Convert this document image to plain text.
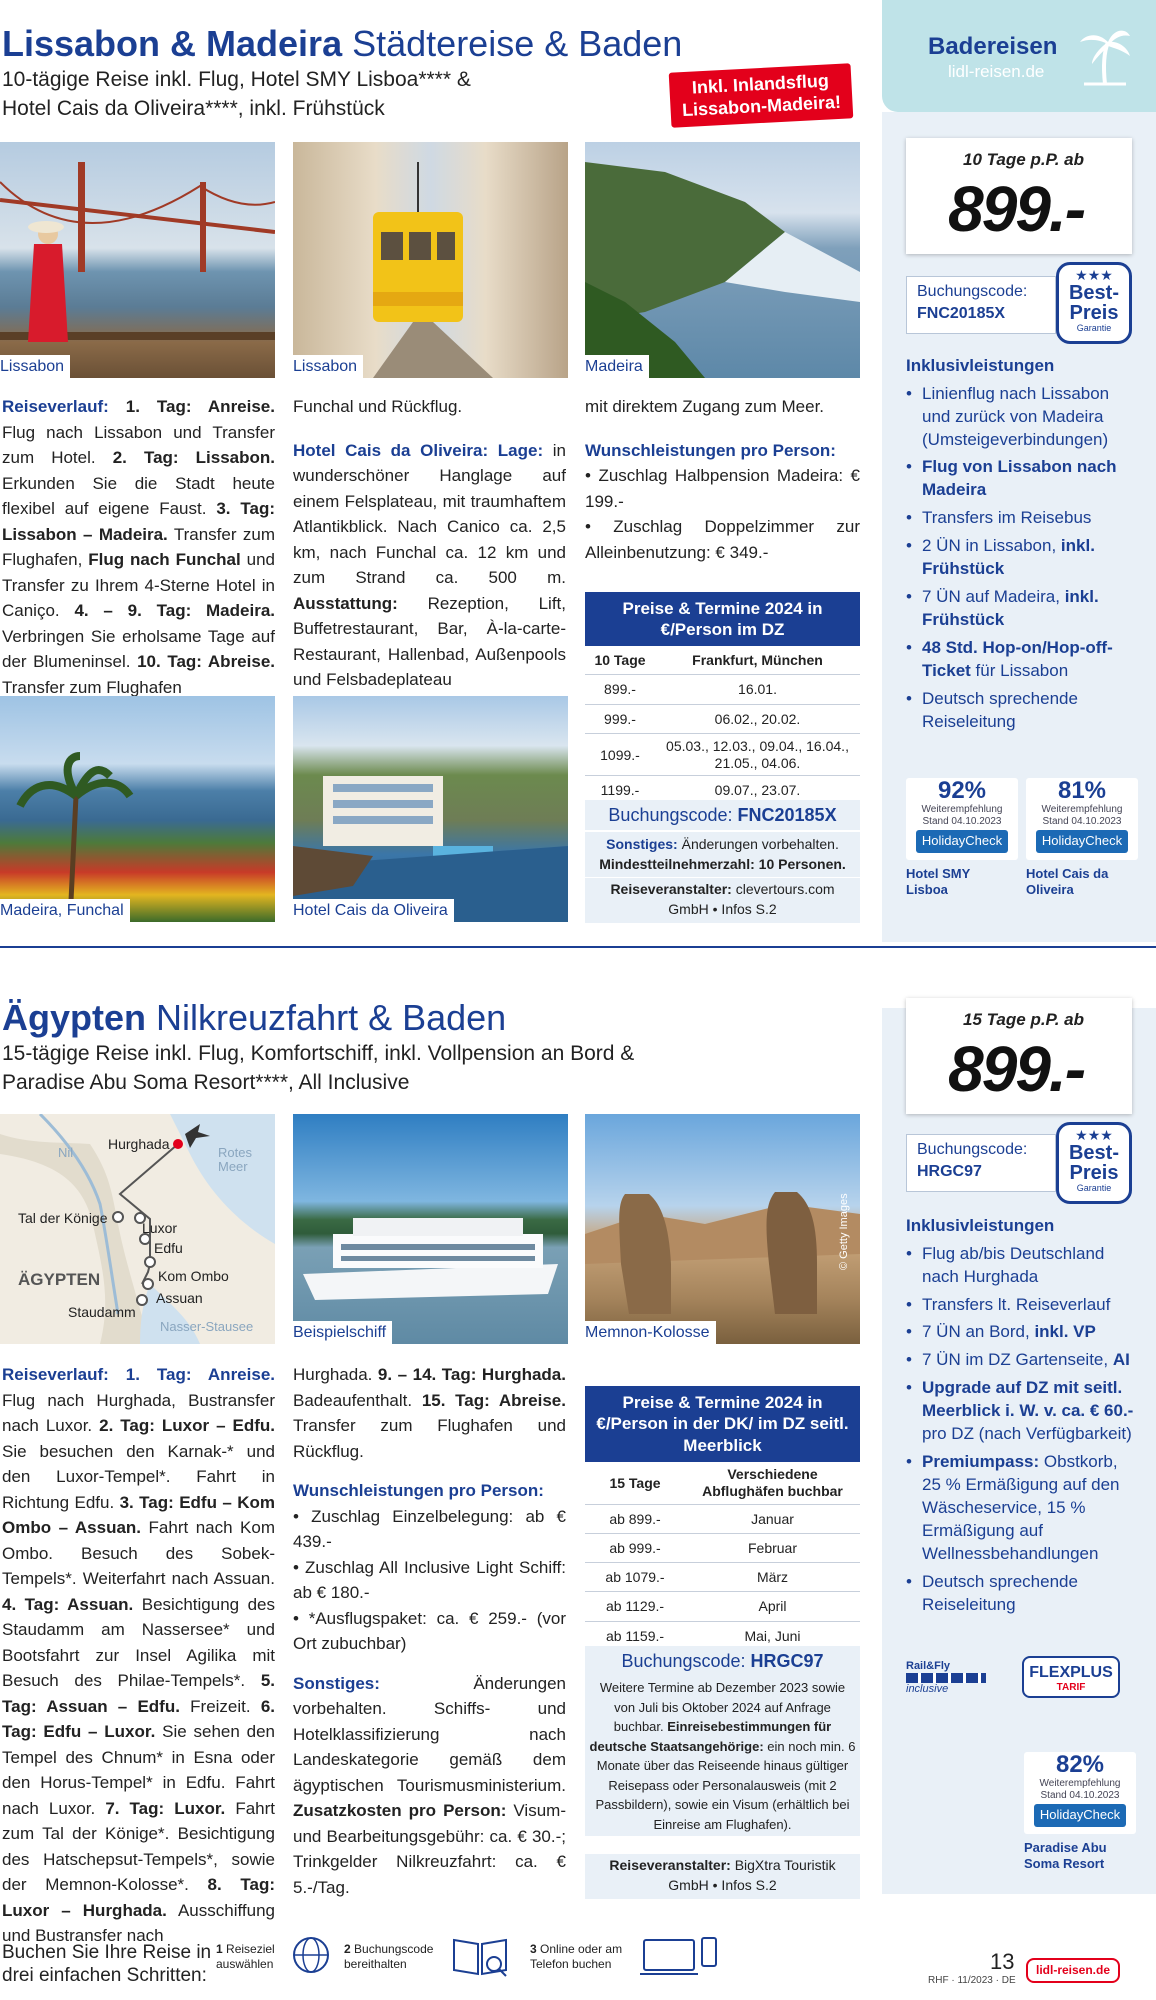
Badereisen
lidl-reisen.de
Lissabon & Madeira Städtereise & Baden
10-tägige Reise inkl. Flug, Hotel SMY Lisboa**** &
Hotel Cais da Oliveira****, inkl. Frühstück
Inkl. Inlandsflug Lissabon-Madeira!
Lissabon	Lissabon	Madeira
Reiseverlauf: 1. Tag: Anreise. Flug nach Lissabon und Transfer zum Hotel. 2. Tag: Lissabon. Erkunden Sie die Stadt heute flexibel auf eigene Faust. 3. Tag: Lissabon – Madeira. Transfer zum Flughafen, Flug nach Funchal und Transfer zu Ihrem 4-Sterne Hotel in Caniço. 4. – 9. Tag: Madeira. Verbringen Sie erholsame Tage auf der Blumeninsel. 10. Tag: Abreise. Transfer zum Flughafen
Funchal und Rückflug.
Hotel Cais da Oliveira: Lage: in wunderschöner Hanglage auf einem Felsplateau, mit traumhaftem Atlantikblick. Nach Canico ca. 2,5 km, nach Funchal ca. 12 km und zum Strand ca. 500 m. Ausstattung: Rezeption, Lift, Buffetrestaurant, Bar, À-la-carte-Restaurant, Hallenbad, Außenpools und Felsbadeplateau
mit direktem Zugang zum Meer.
Wunschleistungen pro Person:
• Zuschlag Halbpension Madeira: € 199.-
• Zuschlag Doppelzimmer zur Alleinbenutzung: € 349.-
Madeira, Funchal	Hotel Cais da Oliveira
Preise & Termine 2024 in €/Person im DZ
10 Tage	Frankfurt, München
899.-	16.01.
999.-	06.02., 20.02.
1099.-	05.03., 12.03., 09.04., 16.04., 21.05., 04.06.
1199.-	09.07., 23.07.
Buchungscode: FNC20185X
Sonstiges: Änderungen vorbehalten. Mindestteilnehmerzahl: 10 Personen.
Reiseveranstalter: clevertours.com GmbH • Infos S.2
10 Tage p.P. ab
899.-
Buchungscode:
FNC20185X
★★★
Best-
Preis
Garantie
Inklusivleistungen
• Linienflug nach Lissabon und zurück von Madeira (Umsteigeverbindungen)
• Flug von Lissabon nach Madeira
• Transfers im Reisebus
• 2 ÜN in Lissabon, inkl. Frühstück
• 7 ÜN auf Madeira, inkl. Frühstück
• 48 Std. Hop-on/Hop-off-Ticket für Lissabon
• Deutsch sprechende Reiseleitung
92%
Weiterempfehlung
Stand 04.10.2023
HolidayCheck
Hotel SMY Lisboa
81%
Weiterempfehlung
Stand 04.10.2023
HolidayCheck
Hotel Cais da Oliveira
Ägypten Nilkreuzfahrt & Baden
15-tägige Reise inkl. Flug, Komfortschiff, inkl. Vollpension an Bord &
Paradise Abu Soma Resort****, All Inclusive
Hurghada
Rotes Meer
Nil
Tal der Könige
Luxor
Edfu
ÄGYPTEN	Kom Ombo
Assuan
Staudamm
Nasser-Stausee Beispielschiff
© Getty Images
Memnon-Kolosse
Reiseverlauf: 1. Tag: Anreise. Flug nach Hurghada, Bustransfer nach Luxor. 2. Tag: Luxor – Edfu. Sie besuchen den Karnak-* und den Luxor-Tempel*. Fahrt in Richtung Edfu. 3. Tag: Edfu – Kom Ombo – Assuan. Fahrt nach Kom Ombo. Besuch des Sobek-Tempels*. Weiterfahrt nach Assuan. 4. Tag: Assuan. Besichtigung des Staudamm am Nassersee* und Bootsfahrt zur Insel Agilika mit Besuch des Philae-Tempels*. 5. Tag: Assuan – Edfu. Freizeit. 6. Tag: Edfu – Luxor. Sie sehen den Tempel des Chnum* in Esna oder den Horus-Tempel* in Edfu. Fahrt nach Luxor. 7. Tag: Luxor. Fahrt zum Tal der Könige*. Besichtigung des Hatschepsut-Tempels*, sowie der Memnon-Kolosse*. 8. Tag: Luxor – Hurghada. Ausschiffung und Bustransfer nach
Hurghada. 9. – 14. Tag: Hurghada. Badeaufenthalt. 15. Tag: Abreise. Transfer zum Flughafen und Rückflug.
Wunschleistungen pro Person:
• Zuschlag Einzelbelegung: ab € 439.-
• Zuschlag All Inclusive Light Schiff: ab € 180.-
• *Ausflugspaket: ca. € 259.- (vor Ort zubuchbar)
Sonstiges: Änderungen vorbehalten. Schiffs- und Hotelklassifizierung nach Landeskategorie gemäß dem ägyptischen Tourismusministerium. Zusatzkosten pro Person: Visum- und Bearbeitungsgebühr: ca. € 30.-; Trinkgelder Nilkreuzfahrt: ca. € 5.-/Tag.
Preise & Termine 2024 in €/Person in der DK/ im DZ seitl. Meerblick
15 Tage	Verschiedene Abflughäfen buchbar
ab 899.-	Januar
ab 999.-	Februar
ab 1079.-	März
ab 1129.-	April
ab 1159.-	Mai, Juni
Buchungscode: HRGC97
Weitere Termine ab Dezember 2023 sowie von Juli bis Oktober 2024 auf Anfrage buchbar. Einreisebestimmungen für deutsche Staatsangehörige: ein noch min. 6 Monate über das Reiseende hinaus gültiger Reisepass oder Personalausweis (mit 2 Passbildern), sowie ein Visum (erhältlich bei Einreise am Flughafen).
Reiseveranstalter: BigXtra Touristik GmbH • Infos S.2
15 Tage p.P. ab
899.-
Buchungscode:
HRGC97
★★★
Best-
Preis
Garantie
Inklusivleistungen
• Flug ab/bis Deutschland nach Hurghada
• Transfers lt. Reiseverlauf
• 7 ÜN an Bord, inkl. VP
• 7 ÜN im DZ Gartenseite, AI
• Upgrade auf DZ mit seitl. Meerblick i. W. v. ca. € 60.- pro DZ (nach Verfügbarkeit)
• Premiumpass: Obstkorb, 25 % Ermäßigung auf den Wäscheservice, 15 % Ermäßigung auf Wellnessbehandlungen
• Deutsch sprechende Reiseleitung
Rail&Fly
inclusive
FLEXPLUS
TARIF
82%
Weiterempfehlung
Stand 04.10.2023
HolidayCheck
Paradise Abu Soma Resort
Buchen Sie Ihre Reise in
drei einfachen Schritten:
1 Reiseziel auswählen
2 Buchungscode bereithalten
3 Online oder am Telefon buchen	13
RHF · 11/2023 · DE
lidl-reisen.de
